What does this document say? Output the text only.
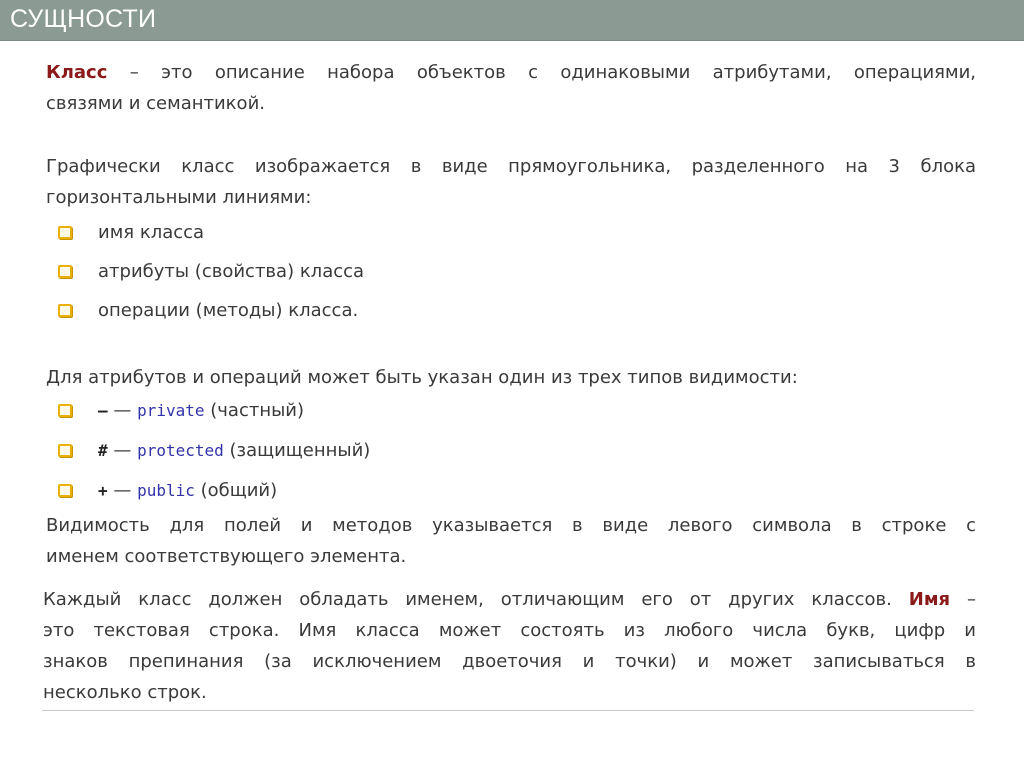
СУЩНОСТИ
Класс – это описание набора объектов с одинаковыми атрибутами, операциями,
связями и семантикой.
Графически класс изображается в виде прямоугольника, разделенного на 3 блока
горизонтальными линиями:
имя класса
атрибуты (свойства) класса
операции (методы) класса.
Для атрибутов и операций может быть указан один из трех типов видимости:
– — private (частный)
# — protected (защищенный)
+ — public (общий)
Видимость для полей и методов указывается в виде левого символа в строке с
именем соответствующего элемента.
Каждый класс должен обладать именем, отличающим его от других классов. Имя –
это текстовая строка. Имя класса может состоять из любого числа букв, цифр и
знаков препинания (за исключением двоеточия и точки) и может записываться в
несколько строк.
